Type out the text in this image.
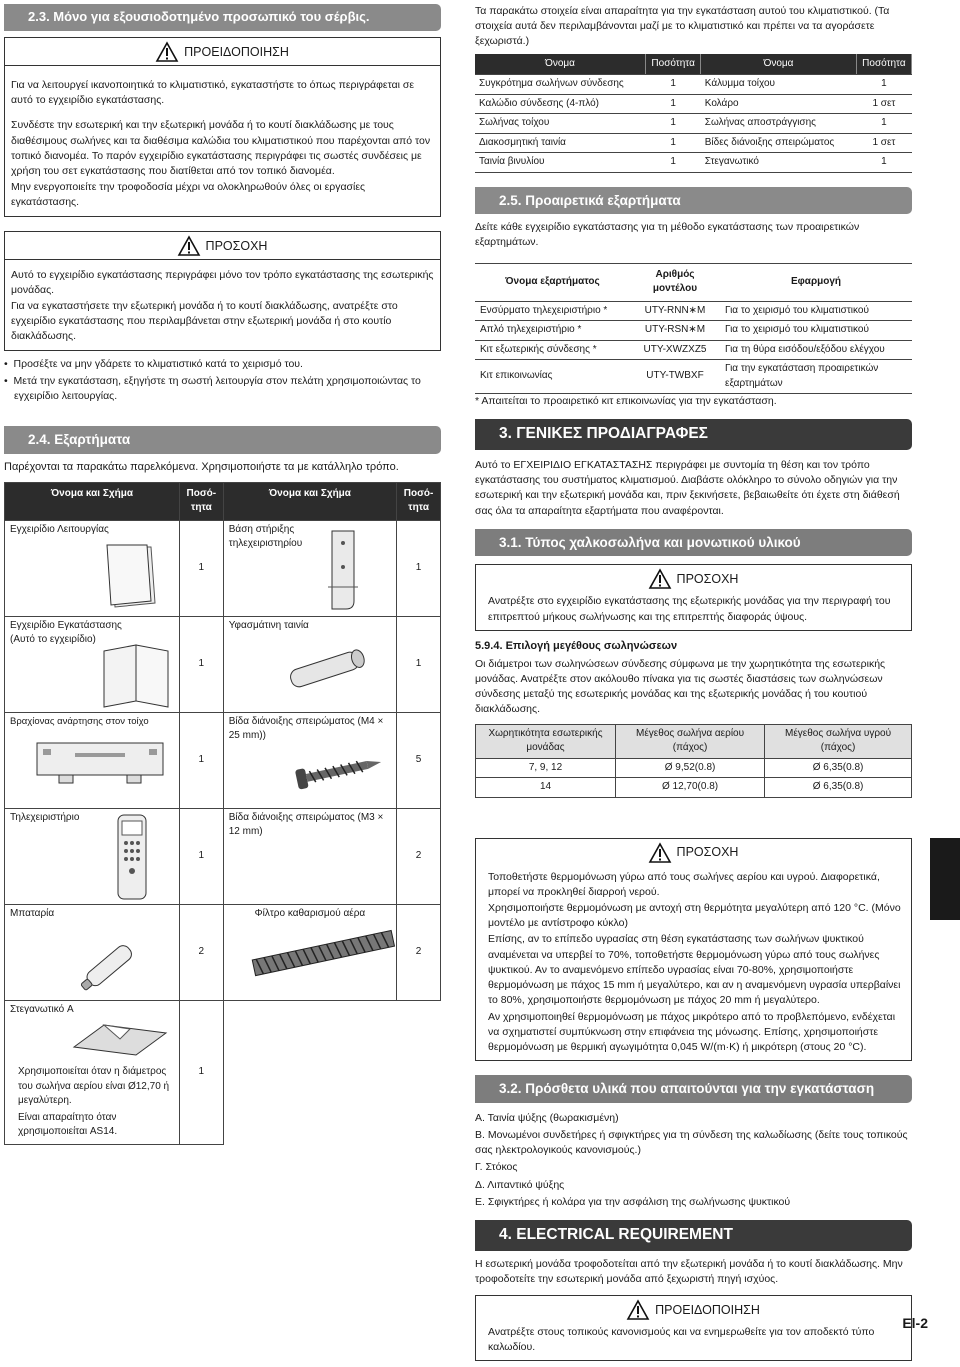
2.3. Μόνο για εξουσιοδοτημένο προσωπικό του σέρβις.
ΠΡΟΕΙΔΟΠΟΙΗΣΗ

Για να λειτουργεί ικανοποιητικά το κλιματιστικό, εγκαταστήστε το όπως περιγράφεται σε αυτό το εγχειρίδιο εγκατάστασης.

Συνδέστε την εσωτερική και την εξωτερική μονάδα ή το κουτί διακλάδωσης με τους διαθέσιμους σωλήνες και τα διαθέσιμα καλώδια του κλιματιστικού που παρέχονται από τον τοπικό διανομέα. Το παρόν εγχειρίδιο εγκατάστασης περιγράφει τις σωστές συνδέσεις με χρήση του σετ εγκατάστασης που διατίθεται από τον τοπικό διανομέα.

Μην ενεργοποιείτε την τροφοδοσία μέχρι να ολοκληρωθούν όλες οι εργασίες εγκατάστασης.

ΠΡΟΣΟΧΗ

Αυτό το εγχειρίδιο εγκατάστασης περιγράφει μόνο τον τρόπο εγκατάστασης της εσωτερικής μονάδας.

Για να εγκαταστήσετε την εξωτερική μονάδα ή το κουτί διακλάδωσης, ανατρέξτε στο εγχειρίδιο εγκατάστασης που περιλαμβάνεται στην εξωτερική μονάδα ή στο κουτίο διακλάδωσης.

•  Προσέξτε να μην γδάρετε το κλιματιστικό κατά το χειρισμό του.

•  Μετά την εγκατάσταση, εξηγήστε τη σωστή λειτουργία στον πελάτη χρησιμοποιώντας το εγχειρίδιο λειτουργίας.

2.4. Εξαρτήματα

Παρέχονται τα παρακάτω παρελκόμενα. Χρησιμοποιήστε τα με κατάλληλο τρόπο.

Όνομα και Σχήμα	Ποσό- τητα	Όνομα και Σχήμα	Ποσό- τητα
Εγχειρίδιο Λειτουργίας	1	Βάση στήριξης τηλεχειριστηρίου	1

Εγχειρίδιο Εγκατάστασης (Αυτό το εγχειρίδιο)	1	Υφασμάτινη ταινία	1
Βραχίονας ανάρτησης στον τοίχο	1	Βίδα διάνοιξης σπειρώματος (M4 × 25 mm))	5
Τηλεχειριστήριο	1	Βίδα διάνοιξης σπειρώματος (M3 × 12 mm)	2
Μπαταρία	2	Φίλτρο καθαρισμού αέρα	2
Στεγανωτικό A

Χρησιμοποιείται όταν η διάμετρος του σωλήνα αερίου είναι Ø12,70 ή μεγαλύτερη.

Είναι απαραίτητο όταν χρησιμοποιείται AS14.	1		

Τα παρακάτω στοιχεία είναι απαραίτητα για την εγκατάσταση αυτού του κλιματιστικού. (Τα στοιχεία αυτά δεν περιλαμβάνονται μαζί με το κλιματιστικό και πρέπει να τα αγοράσετε ξεχωριστά.)

Όνομα	Ποσότητα	Όνομα	Ποσότητα
Συγκρότημα σωλήνων σύνδεσης	1	Κάλυμμα τοίχου	1
Καλώδιο σύνδεσης (4-πλό)	1	Κολάρο	1 σετ
Σωλήνας τοίχου	1	Σωλήνας αποστράγγισης	1
Διακοσμητική ταινία	1	Βίδες διάνοιξης σπειρώματος	1 σετ
Ταινία βινυλίου	1	Στεγανωτικό	1
2.5. Προαιρετικά εξαρτήματα

Δείτε κάθε εγχειρίδιο εγκατάστασης για τη μέθοδο εγκατάστασης των προαιρετικών εξαρτημάτων.

Όνομα εξαρτήματος	Αριθμός μοντέλου	Εφαρμογή
Ενσύρματο τηλεχειριστήριο *	UTY-RNN∗M	Για το χειρισμό του κλιματιστικού
Απλό τηλεχειριστήριο *	UTY-RSN∗M	Για το χειρισμό του κλιματιστικού
Κιτ εξωτερικής σύνδεσης *	UTY-XWZXZ5	Για τη θύρα εισόδου/εξόδου ελέγχου
Κιτ επικοινωνίας	UTY-TWBXF	Για την εγκατάσταση προαιρετικών εξαρτημάτων

* Απαιτείται το προαιρετικό κιτ επικοινωνίας για την εγκατάσταση.

3. ΓΕΝΙΚΕΣ ΠΡΟΔΙΑΓΡΑΦΕΣ

Αυτό το ΕΓΧΕΙΡΙΔΙΟ ΕΓΚΑΤΑΣΤΑΣΗΣ περιγράφει με συντομία τη θέση και τον τρόπο εγκατάστασης του συστήματος κλιματισμού. Διαβάστε ολόκληρο το σύνολο οδηγιών για την εσωτερική και την εξωτερική μονάδα και, πριν ξεκινήσετε, βεβαιωθείτε ότι έχετε στη διάθεσή σας όλα τα απαραίτητα εξαρτήματα που αναφέρονται.

3.1. Τύπος χαλκοσωλήνα και μονωτικού υλικού
ΠΡΟΣΟΧΗ

Ανατρέξτε στο εγχειρίδιο εγκατάστασης της εξωτερικής μονάδας για την περιγραφή του επιτρεπτού μήκους σωλήνωσης και της επιτρεπτής διαφοράς ύψους.

5.9.4. Επιλογή μεγέθους σωληνώσεων

Οι διάμετροι των σωληνώσεων σύνδεσης σύμφωνα με την χωρητικότητα της εσωτερικής μονάδας. Ανατρέξτε στον ακόλουθο πίνακα για τις σωστές διαστάσεις των σωληνώσεων σύνδεσης μεταξύ της εσωτερικής μονάδας και της εξωτερικής μονάδας ή του κουτιού διακλάδωσης.

Χωρητικότητα εσωτερικής μονάδας	Μέγεθος σωλήνα αερίου (πάχος)	Μέγεθος σωλήνα υγρού (πάχος)
7, 9, 12	Ø 9,52(0.8)	Ø 6,35(0.8)
14	Ø 12,70(0.8)	Ø 6,35(0.8)
ΠΡΟΣΟΧΗ

Τοποθετήστε θερμομόνωση γύρω από τους σωλήνες αερίου και υγρού. Διαφορετικά, μπορεί να προκληθεί διαρροή νερού.

Χρησιμοποιήστε θερμομόνωση με αντοχή στη θερμότητα μεγαλύτερη από 120 °C. (Μόνο μοντέλο με αντίστροφο κύκλο)

Επίσης, αν το επίπεδο υγρασίας στη θέση εγκατάστασης των σωλήνων ψυκτικού αναμένεται να υπερβεί το 70%, τοποθετήστε θερμομόνωση γύρω από τους σωλήνες ψυκτικού. Αν το αναμενόμενο επίπεδο υγρασίας είναι 70-80%, χρησιμοποιήστε θερμομόνωση με πάχος 15 mm ή μεγαλύτερο, και αν η αναμενόμενη υγρασία υπερβαίνει το 80%, χρησιμοποιήστε θερμομόνωση με πάχος 20 mm ή μεγαλύτερο.

Αν χρησιμοποιηθεί θερμομόνωση με πάχος μικρότερο από το προβλεπόμενο, ενδέχεται να σχηματιστεί συμπύκνωση στην επιφάνεια της μόνωσης. Επίσης, χρησιμοποιήστε θερμομόνωση με θερμική αγωγιμότητα 0,045 W/(m·K) ή μικρότερη (στους 20 °C).

3.2. Πρόσθετα υλικά που απαιτούνται για την εγκατάσταση

Α. Ταινία ψύξης (θωρακισμένη)

Β. Μονωμένοι συνδετήρες ή σφιγκτήρες για τη σύνδεση της καλωδίωσης (δείτε τους τοπικούς σας ηλεκτρολογικούς κανονισμούς.)

Γ. Στόκος

Δ. Λιπαντικό ψύξης

Ε. Σφιγκτήρες ή κολάρα για την ασφάλιση της σωλήνωσης ψυκτικού

4. ELECTRICAL REQUIREMENT

Η εσωτερική μονάδα τροφοδοτείται από την εξωτερική μονάδα ή το κουτί διακλάδωσης. Μην τροφοδοτείτε την εσωτερική μονάδα από ξεχωριστή πηγή ισχύος.

ΠΡΟΕΙΔΟΠΟΙΗΣΗ

Ανατρέξτε στους τοπικούς κανονισμούς και να ενημερωθείτε για τον αποδεκτό τύπο καλωδίου.

El-2
